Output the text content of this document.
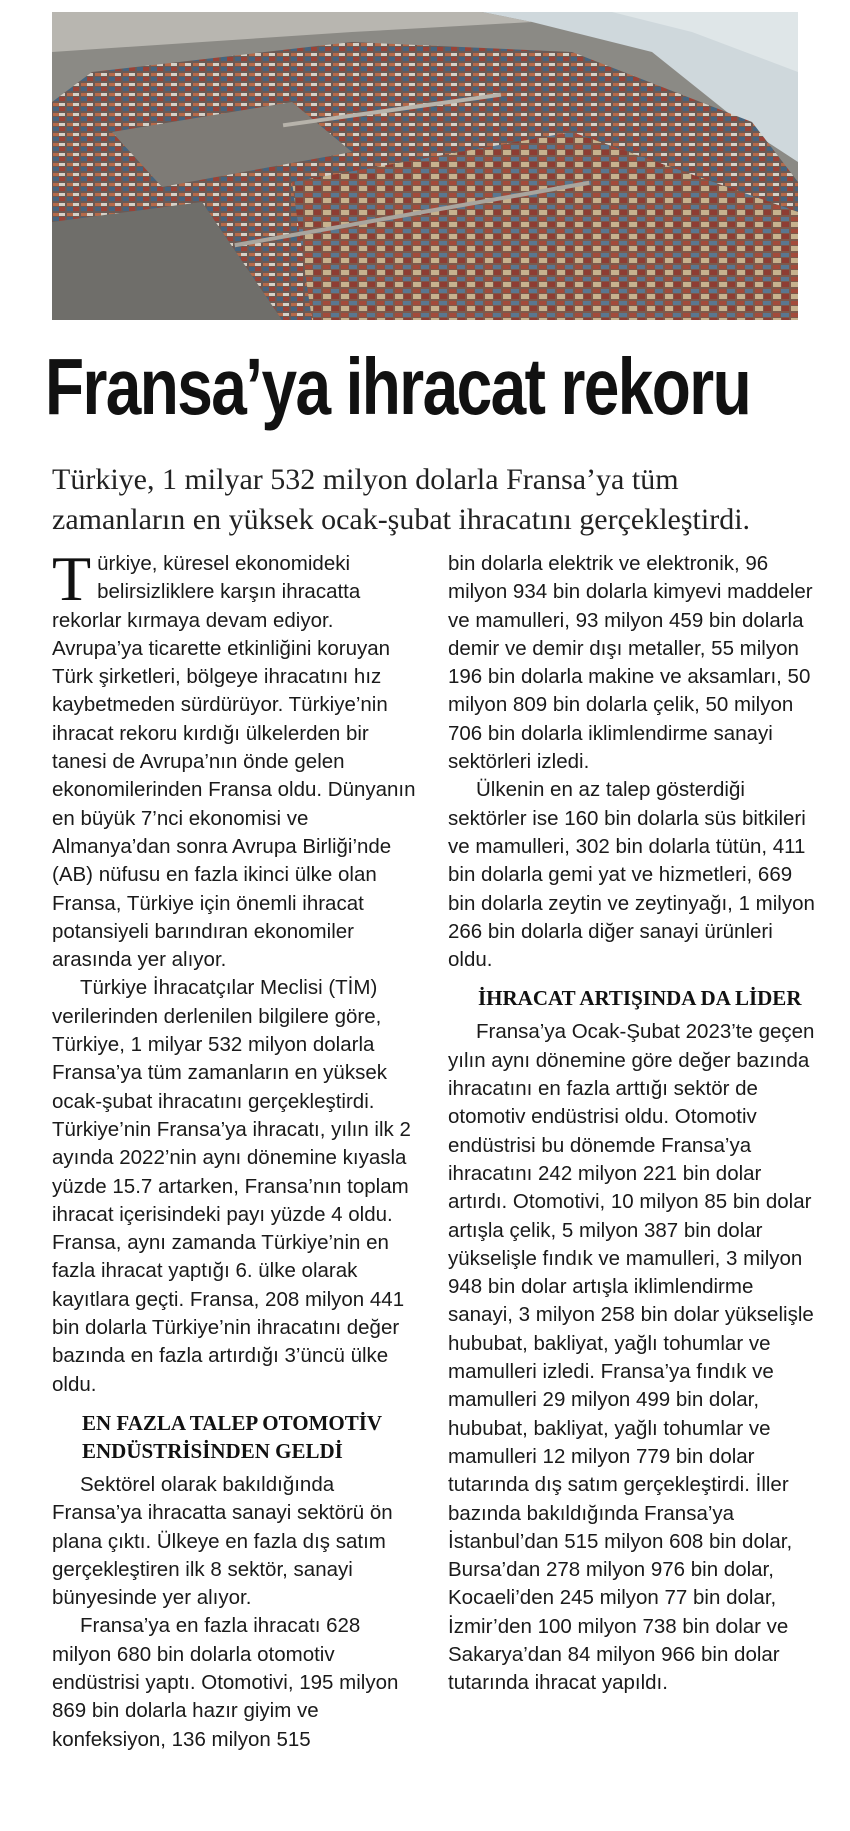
Fransa’ya ihracat rekoru

Türkiye, 1 milyar 532 milyon dolarla Fransa’ya tüm zamanların en yüksek ocak-şubat ihracatını gerçekleştirdi.

Türkiye, küresel ekonomideki belirsizliklere karşın ihracatta rekorlar kırmaya devam ediyor. Avrupa’ya ticarette etkinliğini koruyan Türk şirketleri, bölgeye ihracatını hız kaybetmeden sürdürüyor. Türkiye’nin ihracat rekoru kırdığı ülkelerden bir tanesi de Avrupa’nın önde gelen ekonomilerinden Fransa oldu. Dünyanın en büyük 7’nci ekonomisi ve Almanya’dan sonra Avrupa Birliği’nde (AB) nüfusu en fazla ikinci ülke olan Fransa, Türkiye için önemli ihracat potansiyeli barındıran ekonomiler arasında yer alıyor.

Türkiye İhracatçılar Meclisi (TİM) verilerinden derlenilen bilgilere göre, Türkiye, 1 milyar 532 milyon dolarla Fransa’ya tüm zamanların en yüksek ocak-şubat ihracatını gerçekleştirdi. Türkiye’nin Fransa’ya ihracatı, yılın ilk 2 ayında 2022’nin aynı dönemine kıyasla yüzde 15.7 artarken, Fransa’nın toplam ihracat içerisindeki payı yüzde 4 oldu. Fransa, aynı zamanda Türkiye’nin en fazla ihracat yaptığı 6. ülke olarak kayıtlara geçti. Fransa, 208 milyon 441 bin dolarla Türkiye’nin ihracatını değer bazında en fazla artırdığı 3’üncü ülke oldu.

EN FAZLA TALEP OTOMOTİV ENDÜSTRİSİNDEN GELDİ

Sektörel olarak bakıldığında Fransa’ya ihracatta sanayi sektörü ön plana çıktı. Ülkeye en fazla dış satım gerçekleştiren ilk 8 sektör, sanayi bünyesinde yer alıyor.

Fransa’ya en fazla ihracatı 628 milyon 680 bin dolarla otomotiv endüstrisi yaptı. Otomotivi, 195 milyon 869 bin dolarla hazır giyim ve konfeksiyon, 136 milyon 515

bin dolarla elektrik ve elektronik, 96 milyon 934 bin dolarla kimyevi maddeler ve mamulleri, 93 milyon 459 bin dolarla demir ve demir dışı metaller, 55 milyon 196 bin dolarla makine ve aksamları, 50 milyon 809 bin dolarla çelik, 50 milyon 706 bin dolarla iklimlendirme sanayi sektörleri izledi.

Ülkenin en az talep gösterdiği sektörler ise 160 bin dolarla süs bitkileri ve mamulleri, 302 bin dolarla tütün, 411 bin dolarla gemi yat ve hizmetleri, 669 bin dolarla zeytin ve zeytinyağı, 1 milyon 266 bin dolarla diğer sanayi ürünleri oldu.

İHRACAT ARTIŞINDA DA LİDER

Fransa’ya Ocak-Şubat 2023’te geçen yılın aynı dönemine göre değer bazında ihracatını en fazla arttığı sektör de otomotiv endüstrisi oldu. Otomotiv endüstrisi bu dönemde Fransa’ya ihracatını 242 milyon 221 bin dolar artırdı. Otomotivi, 10 milyon 85 bin dolar artışla çelik, 5 milyon 387 bin dolar yükselişle fındık ve mamulleri, 3 milyon 948 bin dolar artışla iklimlendirme sanayi, 3 milyon 258 bin dolar yükselişle hububat, bakliyat, yağlı tohumlar ve mamulleri izledi. Fransa’ya fındık ve mamulleri 29 milyon 499 bin dolar, hububat, bakliyat, yağlı tohumlar ve mamulleri 12 milyon 779 bin dolar tutarında dış satım gerçekleştirdi. İller bazında bakıldığında Fransa’ya İstanbul’dan 515 milyon 608 bin dolar, Bursa’dan 278 milyon 976 bin dolar, Kocaeli’den 245 milyon 77 bin dolar, İzmir’den 100 milyon 738 bin dolar ve Sakarya’dan 84 milyon 966 bin dolar tutarında ihracat yapıldı.
